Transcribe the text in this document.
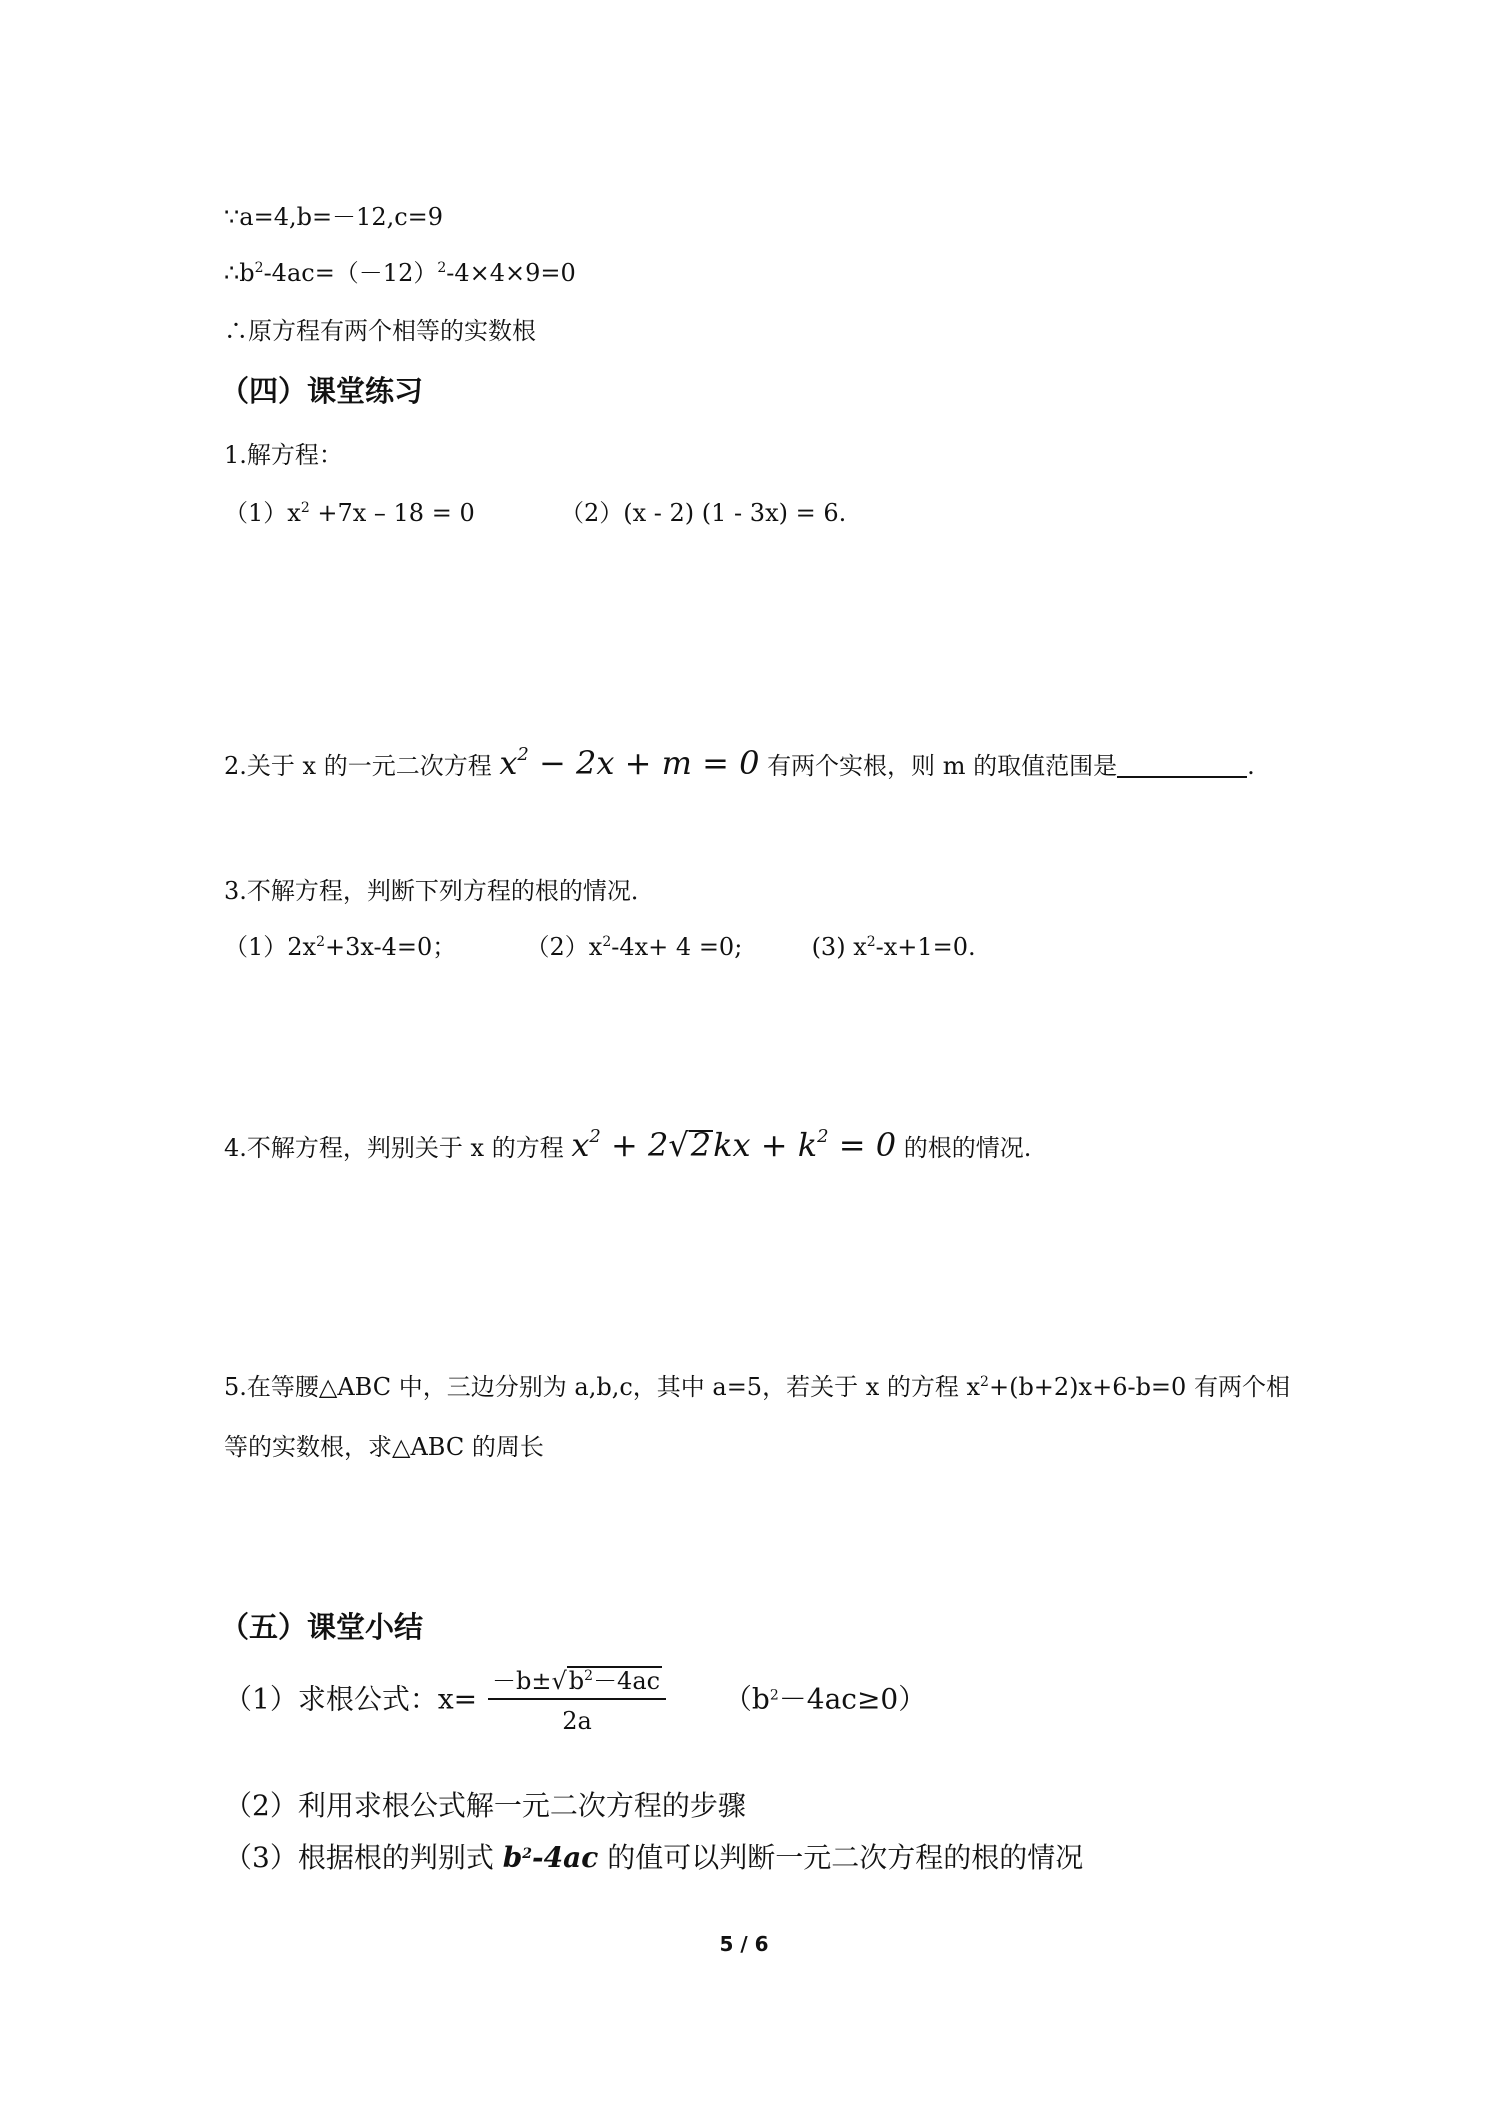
∵a=4,b=－12,c=9
$\therefore b^2-4ac=(-12)^2-4\times 4\times 9=0$
∴原方程有两个相等的实数根
（四）课堂练习
1.解方程：
$(1)x^2 +7x - 18 = 0$	（2）(x - 2) (1 - 3x) = 6.
2.关于 x 的一元二次方程 $x^2 - 2x + m = 0$ 有两个实根，则 m 的取值范围是	.
3.不解方程，判断下列方程的根的情况．
$(1)2x^2+3x-4=0$；	$(2)x^2-4x+ 4 =0$;	(3) $x^2-x+1=0$.
4.不解方程，判别关于 x 的方程 $x^2 + 2√2kx + k^2 = 0$ 的根的情况.
5.在等腰△ABC 中，三边分别为 a,b,c，其中 a=5，若关于 x 的方程 $x^2+(b+2)x+6-b=0$ 有两个相
等的实数根，求△ABC 的周长
（五）课堂小结
（1）求根公式：$x= \frac{-b\pm√b^2-4ac}{2a} (b^2-4ac\ge 0)$
（2）利用求根公式解一元二次方程的步骤
（3）根据根的判别式 $b^2-4ac$ 的值可以判断一元二次方程的根的情况
5 / 6
